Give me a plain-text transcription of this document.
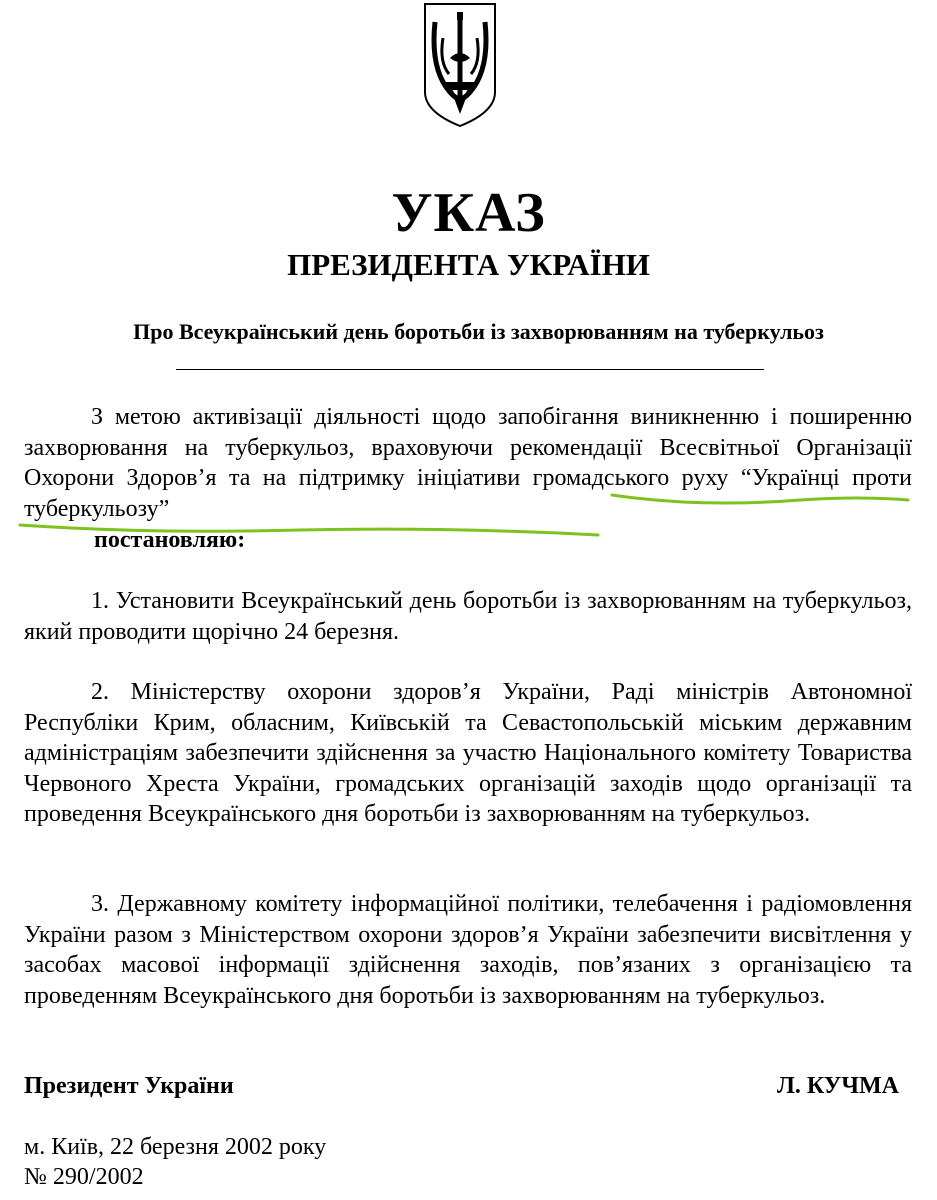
УКАЗ
ПРЕЗИДЕНТА УКРАЇНИ
Про Всеукраїнський день боротьби із захворюванням на туберкульоз
З метою активізації діяльності щодо запобігання виникненню і поширенню захворювання на туберкульоз, враховуючи рекомендації Всесвітньої Організації Охорони Здоров’я та на підтримку ініціативи громадського руху “Українці проти туберкульозу”
постановляю:
1. Установити Всеукраїнський день боротьби із захворюванням на туберкульоз, який проводити щорічно 24 березня.
2. Міністерству охорони здоров’я України, Раді міністрів Автономної Республіки Крим, обласним, Київській та Севастопольській міським державним адміністраціям забезпечити здійснення за участю Національного комітету Товариства Червоного Хреста України, громадських організацій заходів щодо організації та проведення Всеукраїнського дня боротьби із захворюванням на туберкульоз.
3. Державному комітету інформаційної політики, телебачення і радіомовлення України разом з Міністерством охорони здоров’я України забезпечити висвітлення у засобах масової інформації здійснення заходів, пов’язаних з організацією та проведенням Всеукраїнського дня боротьби із захворюванням на туберкульоз.
Президент України	Л. КУЧМА
м. Київ, 22 березня 2002 року
№ 290/2002
